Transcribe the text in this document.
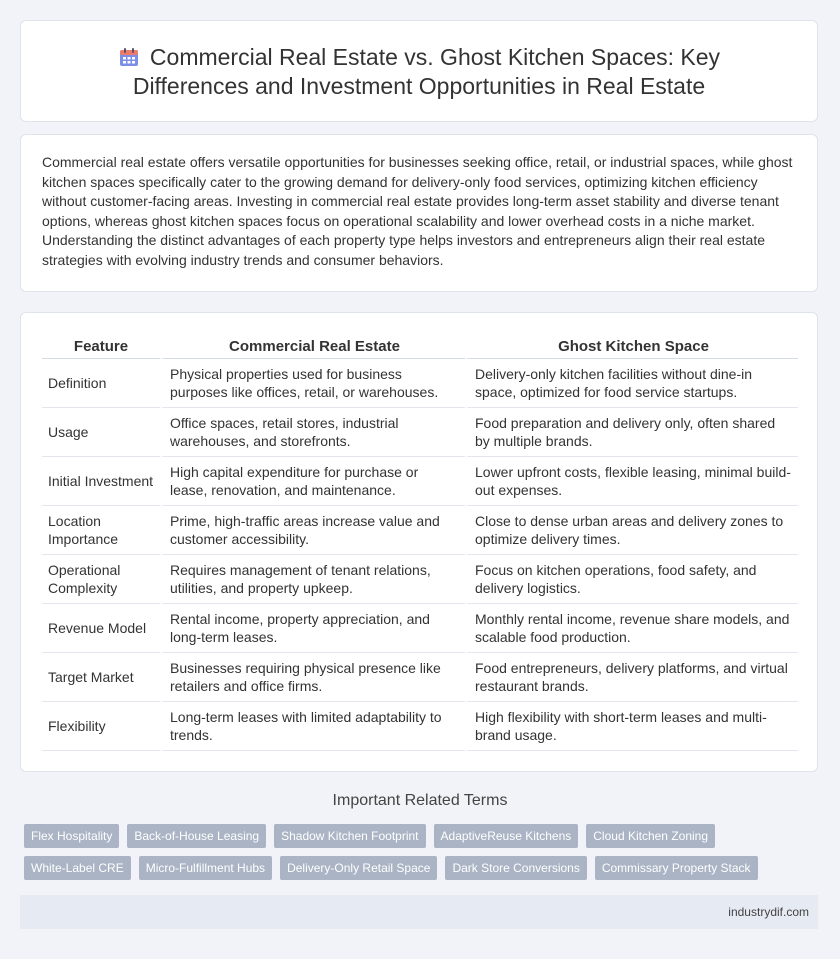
Commercial Real Estate vs. Ghost Kitchen Spaces: Key Differences and Investment Opportunities in Real Estate

Commercial real estate offers versatile opportunities for businesses seeking office, retail, or industrial spaces, while ghost kitchen spaces specifically cater to the growing demand for delivery-only food services, optimizing kitchen efficiency without customer-facing areas. Investing in commercial real estate provides long-term asset stability and diverse tenant options, whereas ghost kitchen spaces focus on operational scalability and lower overhead costs in a niche market. Understanding the distinct advantages of each property type helps investors and entrepreneurs align their real estate strategies with evolving industry trends and consumer behaviors.

Feature	Commercial Real Estate	Ghost Kitchen Space
Definition	Physical properties used for business purposes like offices, retail, or warehouses.	Delivery-only kitchen facilities without dine-in space, optimized for food service startups.
Usage	Office spaces, retail stores, industrial warehouses, and storefronts.	Food preparation and delivery only, often shared by multiple brands.
Initial Investment	High capital expenditure for purchase or lease, renovation, and maintenance.	Lower upfront costs, flexible leasing, minimal build-out expenses.
Location Importance	Prime, high-traffic areas increase value and customer accessibility.	Close to dense urban areas and delivery zones to optimize delivery times.
Operational Complexity	Requires management of tenant relations, utilities, and property upkeep.	Focus on kitchen operations, food safety, and delivery logistics.
Revenue Model	Rental income, property appreciation, and long-term leases.	Monthly rental income, revenue share models, and scalable food production.
Target Market	Businesses requiring physical presence like retailers and office firms.	Food entrepreneurs, delivery platforms, and virtual restaurant brands.
Flexibility	Long-term leases with limited adaptability to trends.	High flexibility with short-term leases and multi-brand usage.
Important Related Terms
Flex Hospitality	Back-of-House Leasing	Shadow Kitchen Footprint	AdaptiveReuse Kitchens	Cloud Kitchen Zoning
White-Label CRE	Micro-Fulfillment Hubs	Delivery-Only Retail Space	Dark Store Conversions	Commissary Property Stack
industrydif.com
